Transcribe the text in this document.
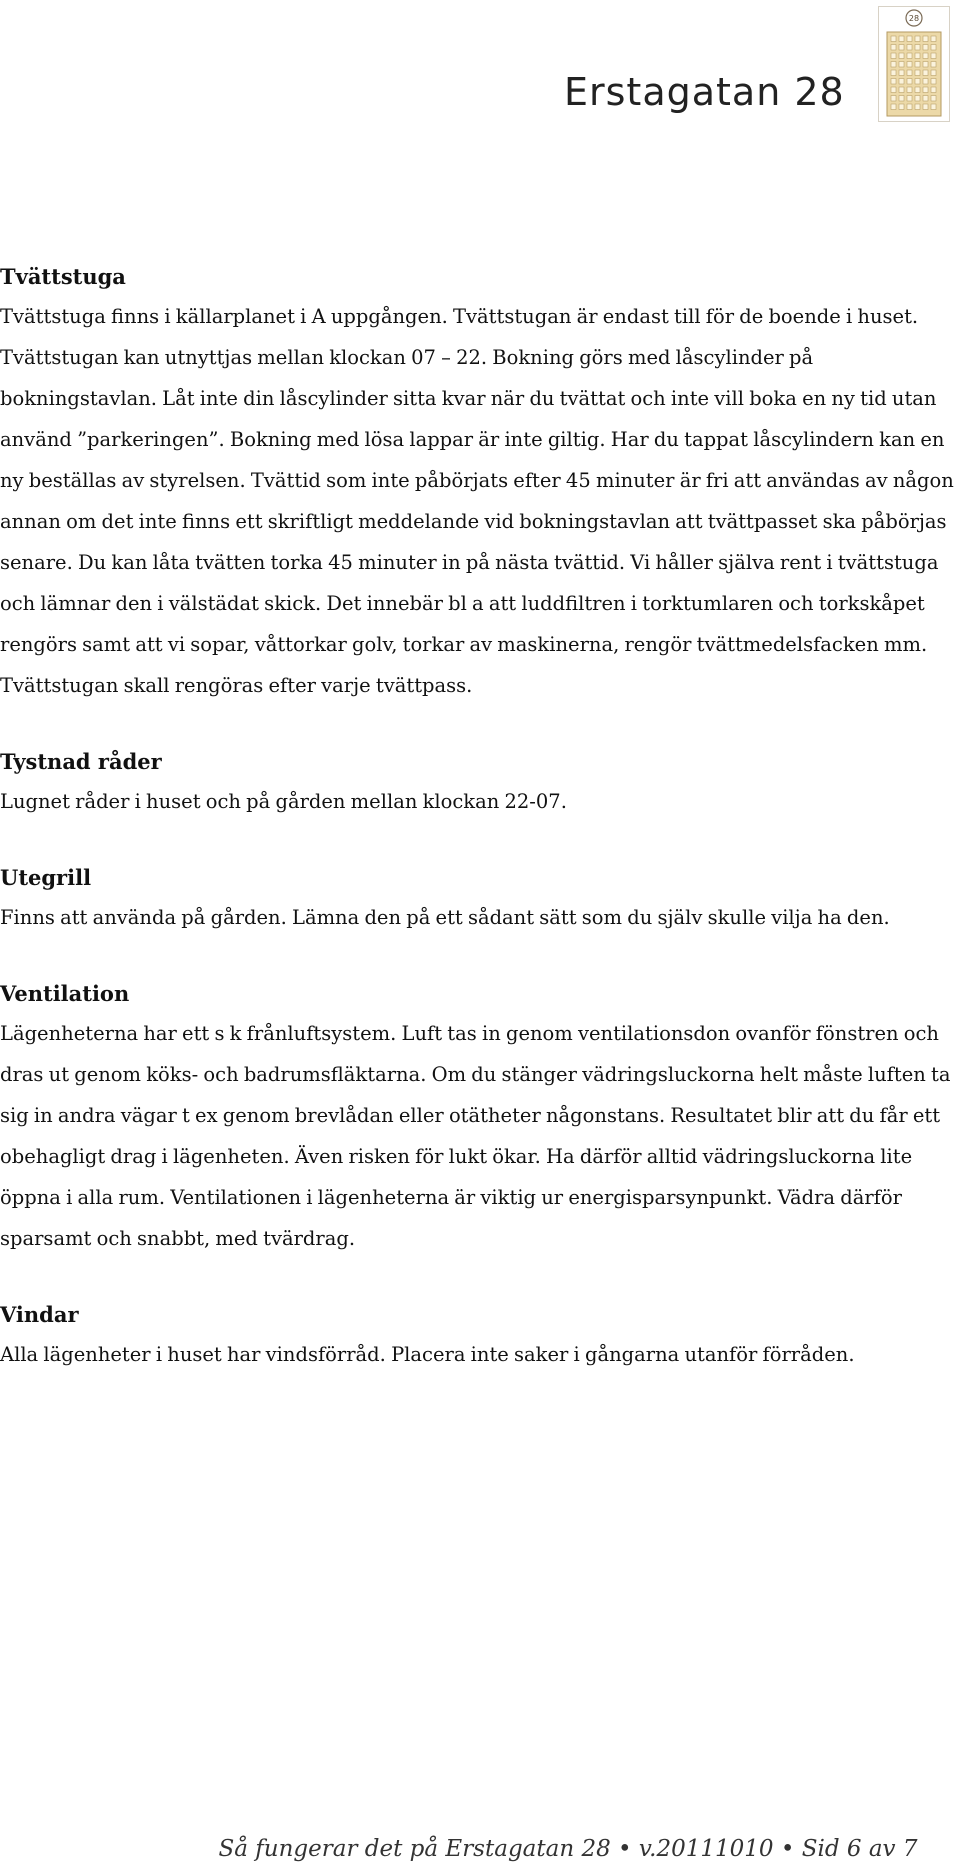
Erstagatan 28
28
Tvättstuga

Tvättstuga finns i källarplanet i A uppgången. Tvättstugan är endast till för de boende i huset. Tvättstugan kan utnyttjas mellan klockan 07 – 22. Bokning görs med låscylinder på bokningstavlan. Låt inte din låscylinder sitta kvar när du tvättat och inte vill boka en ny tid utan använd ”parkeringen”. Bokning med lösa lappar är inte giltig. Har du tappat låscylindern kan en ny beställas av styrelsen. Tvättid som inte påbörjats efter 45 minuter är fri att användas av någon annan om det inte finns ett skriftligt meddelande vid bokningstavlan att tvättpasset ska påbörjas senare. Du kan låta tvätten torka 45 minuter in på nästa tvättid. Vi håller själva rent i tvättstuga och lämnar den i välstädat skick. Det innebär bl a att luddfiltren i torktumlaren och torkskåpet rengörs samt att vi sopar, våttorkar golv, torkar av maskinerna, rengör tvättmedelsfacken mm. Tvättstugan skall rengöras efter varje tvättpass.

Tystnad råder

Lugnet råder i huset och på gården mellan klockan 22-07.

Utegrill

Finns att använda på gården. Lämna den på ett sådant sätt som du själv skulle vilja ha den.

Ventilation

Lägenheterna har ett s k frånluftsystem. Luft tas in genom ventilationsdon ovanför fönstren och dras ut genom köks- och badrumsfläktarna. Om du stänger vädringsluckorna helt måste luften ta sig in andra vägar t ex genom brevlådan eller otätheter någonstans. Resultatet blir att du får ett obehagligt drag i lägenheten. Även risken för lukt ökar. Ha därför alltid vädringsluckorna lite öppna i alla rum. Ventilationen i lägenheterna är viktig ur energisparsynpunkt. Vädra därför sparsamt och snabbt, med tvärdrag.

Vindar

Alla lägenheter i huset har vindsförråd. Placera inte saker i gångarna utanför förråden.

Så fungerar det på Erstagatan 28 • v.20111010 • Sid 6 av 7
